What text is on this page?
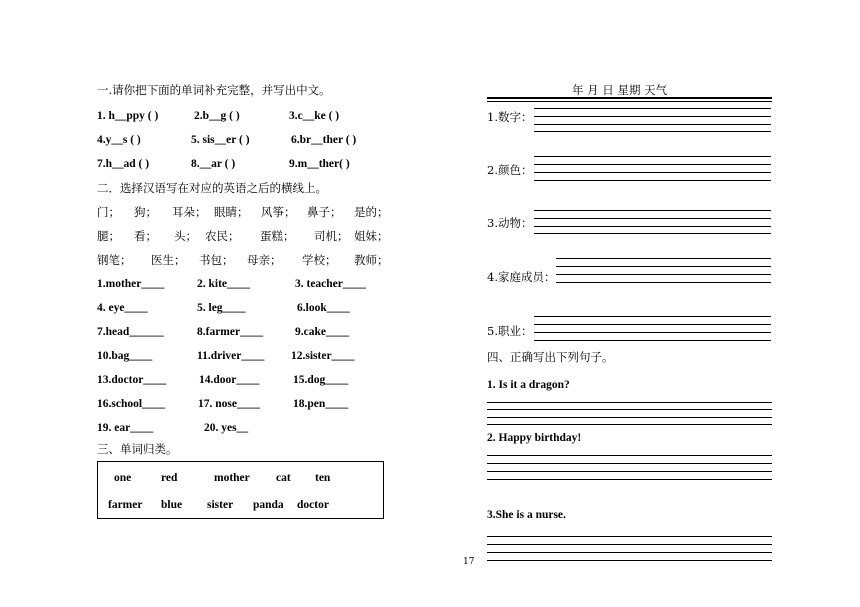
一.请你把下面的单词补充完整，并写出中文。
1. h__ppy ( )	2.b__g ( )	3.c__ke ( )
4.y__s ( )	5. sis__er ( )	6.br__ther ( )
7.h__ad ( )	8.__ar ( )	9.m__ther( )
二．选择汉语写在对应的英语之后的横线上。
门； 狗； 耳朵； 眼睛； 风筝； 鼻子； 是的；
腿； 看； 头； 农民； 蛋糕； 司机； 姐妹；
钢笔； 医生； 书包； 母亲； 学校； 教师；
1.mother____	2. kite____	3. teacher____
4. eye____	5. leg____	6.look____
7.head______	8.farmer____	9.cake____
10.bag____	11.driver____ 12.sister____
13.doctor____	14.door____	15.dog____
16.school____	17. nose____	18.pen____
19. ear____	20. yes__
三、单词归类。
one	red	mother cat ten
farmer blue sister panda doctor
17
年 月 日 星期 天气
1.数字：
2.颜色：
3.动物：
4.家庭成员：
5.职业：
四、正确写出下列句子。
1. Is it a dragon?
2. Happy birthday!
3.She is a nurse.
